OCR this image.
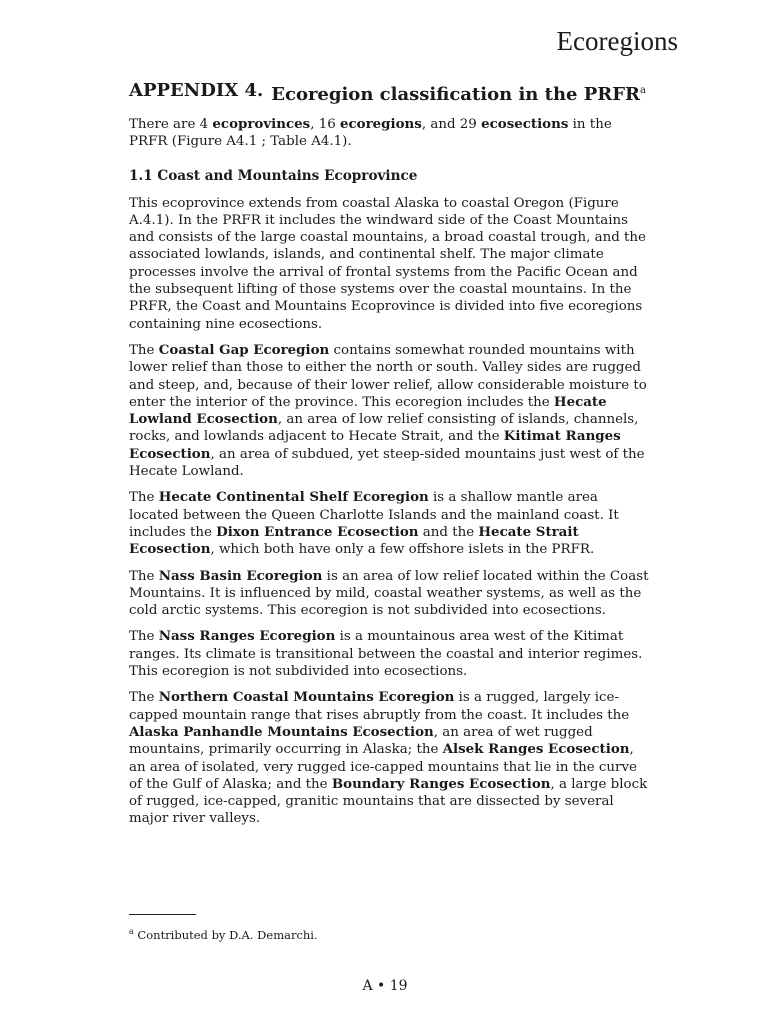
Ecoregions
APPENDIX 4. Ecoregion classification in the PRFR$^a$

There are 4 ecoprovinces, 16 ecoregions, and 29 ecosections in the PRFR (Figure A4.1 ; Table A4.1).

1.1 Coast and Mountains Ecoprovince

This ecoprovince extends from coastal Alaska to coastal Oregon (Figure A.4.1). In the PRFR it includes the windward side of the Coast Mountains and consists of the large coastal mountains, a broad coastal trough, and the associated lowlands, islands, and continental shelf. The major climate processes involve the arrival of frontal systems from the Pacific Ocean and the subsequent lifting of those systems over the coastal mountains. In the PRFR, the Coast and Mountains Ecoprovince is divided into five ecoregions containing nine ecosections.

The Coastal Gap Ecoregion contains somewhat rounded mountains with lower relief than those to either the north or south. Valley sides are rugged and steep, and, because of their lower relief, allow considerable moisture to enter the interior of the province. This ecoregion includes the Hecate Lowland Ecosection, an area of low relief consisting of islands, channels, rocks, and lowlands adjacent to Hecate Strait, and the Kitimat Ranges Ecosection, an area of subdued, yet steep-sided mountains just west of the Hecate Lowland.

The Hecate Continental Shelf Ecoregion is a shallow mantle area located between the Queen Charlotte Islands and the mainland coast. It includes the Dixon Entrance Ecosection and the Hecate Strait Ecosection, which both have only a few offshore islets in the PRFR.

The Nass Basin Ecoregion is an area of low relief located within the Coast Mountains. It is influenced by mild, coastal weather systems, as well as the cold arctic systems. This ecoregion is not subdivided into ecosections.

The Nass Ranges Ecoregion is a mountainous area west of the Kitimat ranges. Its climate is transitional between the coastal and interior regimes. This ecoregion is not subdivided into ecosections.

The Northern Coastal Mountains Ecoregion is a rugged, largely ice-capped mountain range that rises abruptly from the coast. It includes the Alaska Panhandle Mountains Ecosection, an area of wet rugged mountains, primarily occurring in Alaska; the Alsek Ranges Ecosection, an area of isolated, very rugged ice-capped mountains that lie in the curve of the Gulf of Alaska; and the Boundary Ranges Ecosection, a large block of rugged, ice-capped, granitic mountains that are dissected by several major river valleys.

$^a$ Contributed by D.A. Demarchi.
A • 19
